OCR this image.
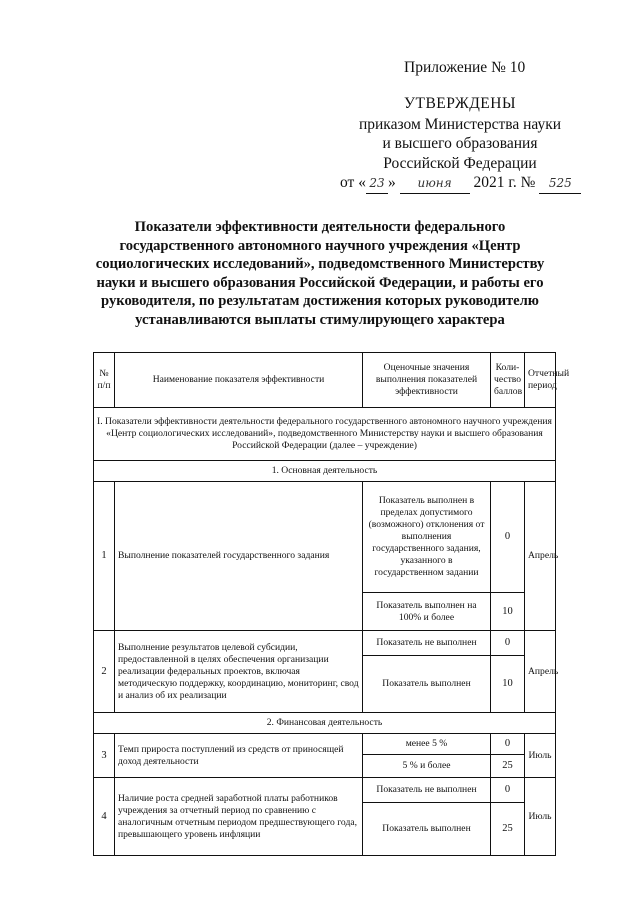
Приложение № 10
УТВЕРЖДЕНЫ
приказом Министерства науки
и высшего образования
Российской Федерации
от « 23 » июня 2021 г. № 525
Показатели эффективности деятельности федерального государственного автономного научного учреждения «Центр социологических исследований», подведомственного Министерству науки и высшего образования Российской Федерации, и работы его руководителя, по результатам достижения которых руководителю устанавливаются выплаты стимулирующего характера
№ п/п	Наименование показателя эффективности	Оценочные значения выполнения показателей эффективности	Коли-чество баллов	Отчетный период
I. Показатели эффективности деятельности федерального государственного автономного научного учреждения «Центр социологических исследований», подведомственного Министерству науки и высшего образования Российской Федерации (далее – учреждение)				
1. Основная деятельность				
1	Выполнение показателей государственного задания	Показатель выполнен в пределах допустимого (возможного) отклонения от выполнения государственного задания, указанного в государственном задании	0	Апрель
		Показатель выполнен на 100% и более	10	
2	Выполнение результатов целевой субсидии, предоставленной в целях обеспечения организации реализации федеральных проектов, включая методическую поддержку, координацию, мониторинг, свод и анализ об их реализации	Показатель не выполнен	0	Апрель
		Показатель выполнен	10	
2. Финансовая деятельность				
3	Темп прироста поступлений из средств от приносящей доход деятельности	менее 5 %	0	Июль
		5 % и более	25	
4	Наличие роста средней заработной платы работников учреждения за отчетный период по сравнению с аналогичным отчетным периодом предшествующего года, превышающего уровень инфляции	Показатель не выполнен	0	Июль
		Показатель выполнен	25	
